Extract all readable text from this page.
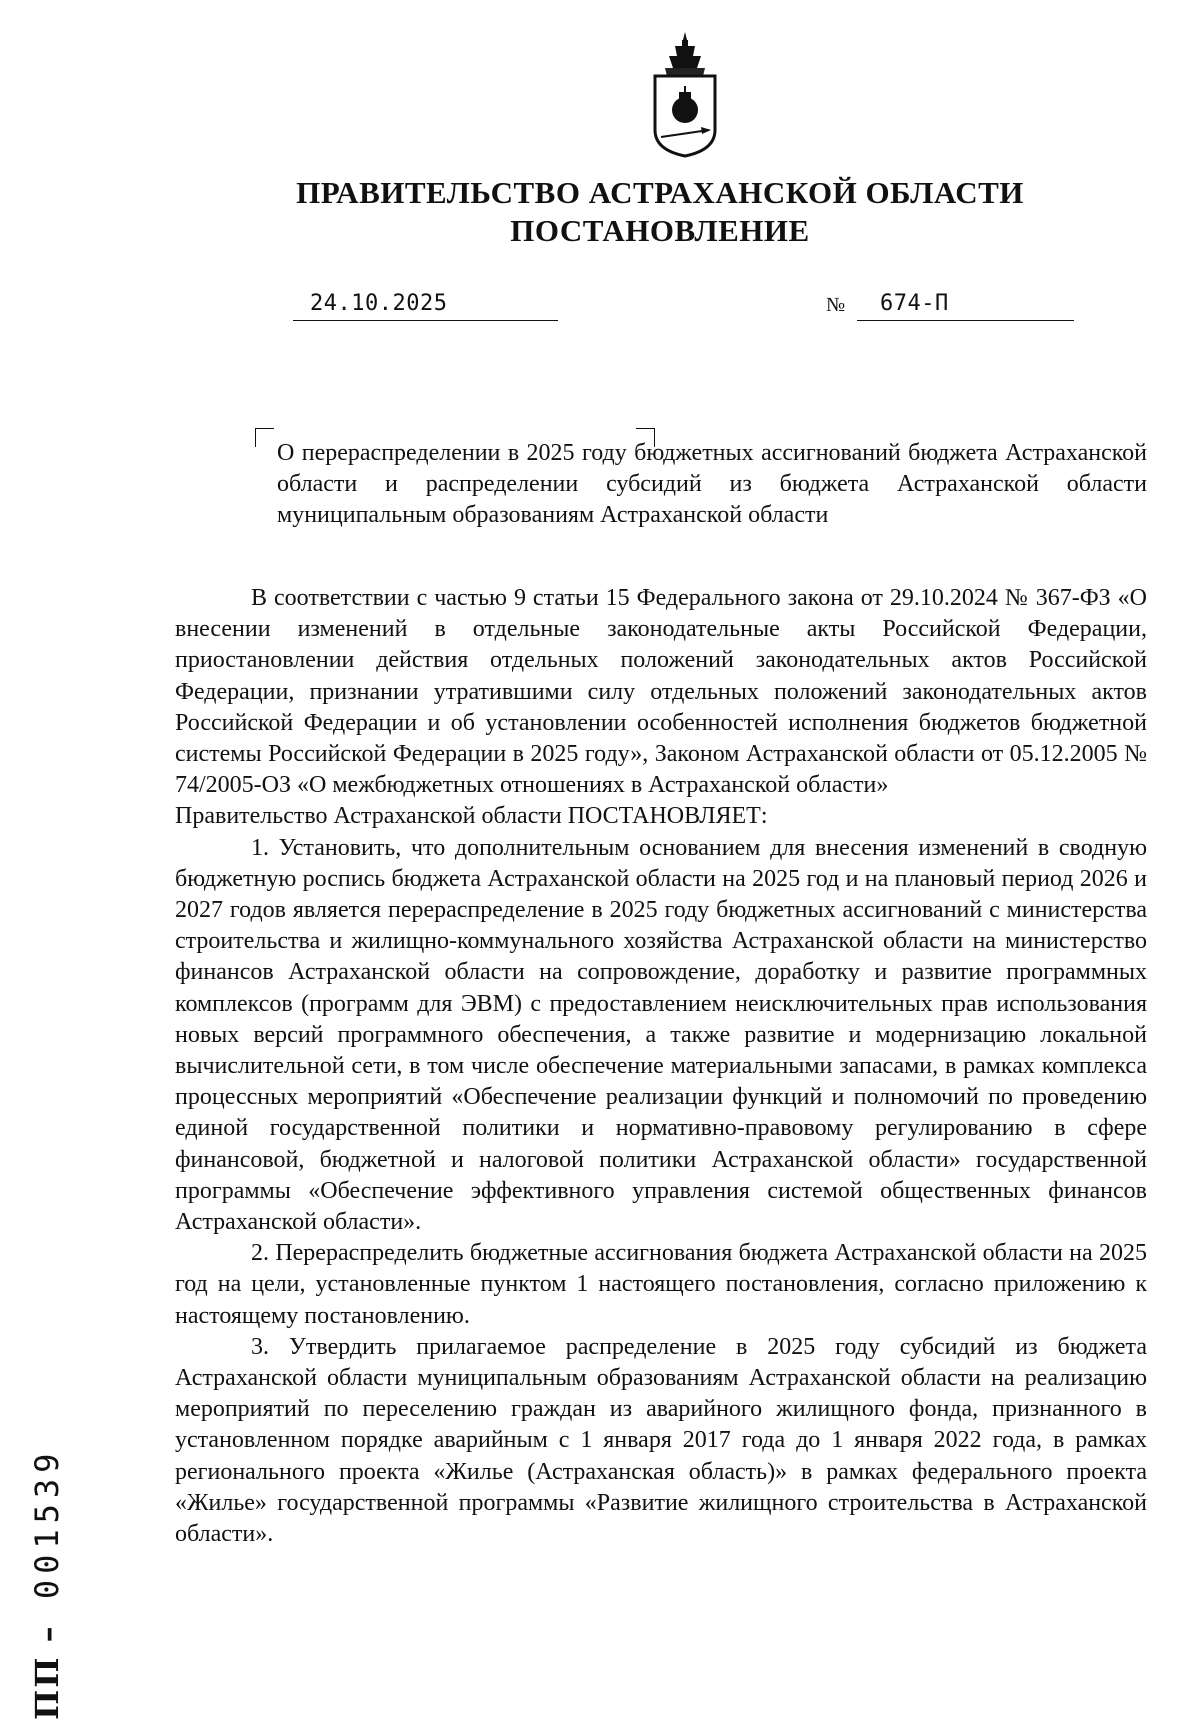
ПРАВИТЕЛЬСТВО АСТРАХАНСКОЙ ОБЛАСТИ
ПОСТАНОВЛЕНИЕ
24.10.2025	№ 674-П
О перераспределении в 2025 году бюджетных ассигнований бюджета Астраханской области и распределении субсидий из бюджета Астраханской области муниципальным образованиям Астраханской области

В соответствии с частью 9 статьи 15 Федерального закона от 29.10.2024 № 367-ФЗ «О внесении изменений в отдельные законодательные акты Российской Федерации, приостановлении действия отдельных положений законодательных актов Российской Федерации, признании утратившими силу отдельных положений законодательных актов Российской Федерации и об установлении особенностей исполнения бюджетов бюджетной системы Российской Федерации в 2025 году», Законом Астраханской области от 05.12.2005 № 74/2005-ОЗ «О межбюджетных отношениях в Астраханской области»

Правительство Астраханской области ПОСТАНОВЛЯЕТ:

1. Установить, что дополнительным основанием для внесения изменений в сводную бюджетную роспись бюджета Астраханской области на 2025 год и на плановый период 2026 и 2027 годов является перераспределение в 2025 году бюджетных ассигнований с министерства строительства и жилищно-коммунального хозяйства Астраханской области на министерство финансов Астраханской области на сопровождение, доработку и развитие программных комплексов (программ для ЭВМ) с предоставлением неисключительных прав использования новых версий программного обеспечения, а также развитие и модернизацию локальной вычислительной сети, в том числе обеспечение материальными запасами, в рамках комплекса процессных мероприятий «Обеспечение реализации функций и полномочий по проведению единой государственной политики и нормативно-правовому регулированию в сфере финансовой, бюджетной и налоговой политики Астраханской области» государственной программы «Обеспечение эффективного управления системой общественных финансов Астраханской области».

2. Перераспределить бюджетные ассигнования бюджета Астраханской области на 2025 год на цели, установленные пунктом 1 настоящего постановления, согласно приложению к настоящему постановлению.

3. Утвердить прилагаемое распределение в 2025 году субсидий из бюджета Астраханской области муниципальным образованиям Астраханской области на реализацию мероприятий по переселению граждан из аварийного жилищного фонда, признанного в установленном порядке аварийным с 1 января 2017 года до 1 января 2022 года, в рамках регионального проекта «Жилье (Астраханская область)» в рамках федерального проекта «Жилье» государственной программы «Развитие жилищного строительства в Астраханской области».

ПП – 001539
